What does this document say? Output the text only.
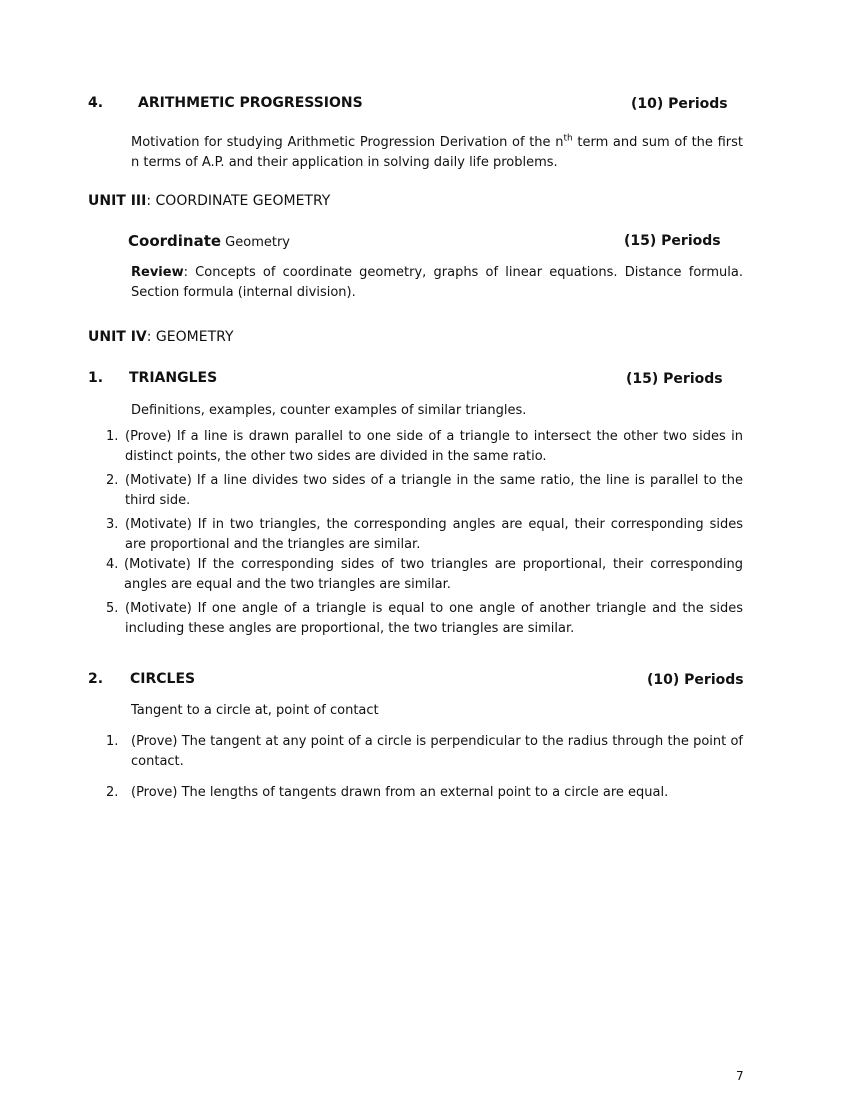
4. ARITHMETIC PROGRESSIONS	(10) Periods
Motivation for studying Arithmetic Progression Derivation of the $n^{th}$ term and sum of the first n terms of A.P. and their application in solving daily life problems.
UNIT III: COORDINATE GEOMETRY
Coordinate Geometry	(15) Periods
Review: Concepts of coordinate geometry, graphs of linear equations. Distance formula. Section formula (internal division).
UNIT IV: GEOMETRY
1. TRIANGLES	(15) Periods
Definitions, examples, counter examples of similar triangles.
1. (Prove) If a line is drawn parallel to one side of a triangle to intersect the other two sides in distinct points, the other two sides are divided in the same ratio.
2. (Motivate) If a line divides two sides of a triangle in the same ratio, the line is parallel to the third side.
3. (Motivate) If in two triangles, the corresponding angles are equal, their corresponding sides are proportional and the triangles are similar.
4. (Motivate) If the corresponding sides of two triangles are proportional, their corresponding angles are equal and the two triangles are similar.
5. (Motivate) If one angle of a triangle is equal to one angle of another triangle and the sides including these angles are proportional, the two triangles are similar.
2. CIRCLES	(10) Periods
Tangent to a circle at, point of contact
1. (Prove) The tangent at any point of a circle is perpendicular to the radius through the point of contact.
2. (Prove) The lengths of tangents drawn from an external point to a circle are equal.
7
